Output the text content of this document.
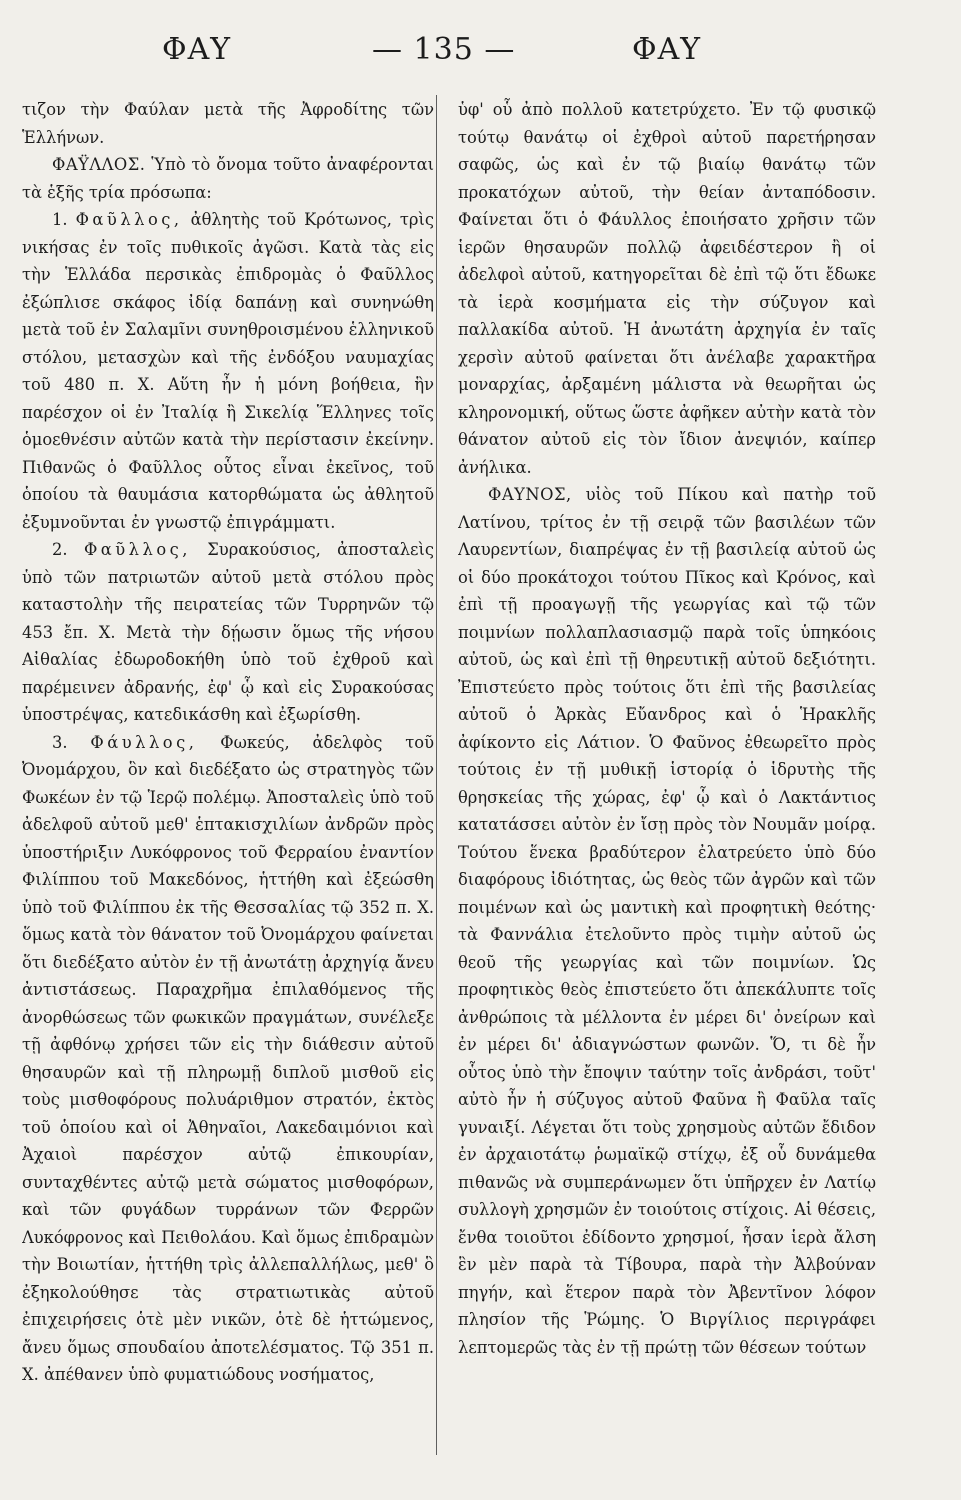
ΦΑΥ	— 135 —	ΦΑΥ

τιζον τὴν Φαύλαν μετὰ τῆς Ἀφροδίτης τῶν Ἑλλήνων.

ΦΑΫΛΛΟΣ. Ὑπὸ τὸ ὄνομα τοῦτο ἀναφέρονται τὰ ἑξῆς τρία πρόσωπα:

1. Φαῦλλος, ἀθλητὴς τοῦ Κρότωνος, τρὶς νικήσας ἐν τοῖς πυθικοῖς ἀγῶσι. Κατὰ τὰς εἰς τὴν Ἑλλάδα περσικὰς ἐπιδρομὰς ὁ Φαῦλλος ἐξώπλισε σκάφος ἰδίᾳ δαπάνῃ καὶ συνηνώθη μετὰ τοῦ ἐν Σαλαμῖνι συνηθροισμένου ἑλληνικοῦ στόλου, μετασχὼν καὶ τῆς ἐνδόξου ναυμαχίας τοῦ 480 π. Χ. Αὕτη ἦν ἡ μόνη βοήθεια, ἣν παρέσχον οἱ ἐν Ἰταλίᾳ ἢ Σικελίᾳ Ἕλληνες τοῖς ὁμοεθνέσιν αὐτῶν κατὰ τὴν περίστασιν ἐκείνην. Πιθανῶς ὁ Φαῦλλος οὗτος εἶναι ἐκεῖνος, τοῦ ὁποίου τὰ θαυμάσια κατορθώματα ὡς ἀθλητοῦ ἐξυμνοῦνται ἐν γνωστῷ ἐπιγράμματι.

2. Φαῦλλος, Συρακούσιος, ἀποσταλεὶς ὑπὸ τῶν πατριωτῶν αὐτοῦ μετὰ στόλου πρὸς καταστολὴν τῆς πειρατείας τῶν Τυρρηνῶν τῷ 453 ἔπ. Χ. Μετὰ τὴν δῄωσιν ὅμως τῆς νήσου Αἰθαλίας ἐδωροδοκήθη ὑπὸ τοῦ ἐχθροῦ καὶ παρέμεινεν ἀδρανής, ἐφ' ᾧ καὶ εἰς Συρακούσας ὑποστρέψας, κατεδικάσθη καὶ ἐξωρίσθη.

3. Φάυλλος, Φωκεύς, ἀδελφὸς τοῦ Ὀνομάρχου, ὃν καὶ διεδέξατο ὡς στρατηγὸς τῶν Φωκέων ἐν τῷ Ἱερῷ πολέμῳ. Ἀποσταλεὶς ὑπὸ τοῦ ἀδελφοῦ αὐτοῦ μεθ' ἑπτακισχιλίων ἀνδρῶν πρὸς ὑποστήριξιν Λυκόφρονος τοῦ Φερραίου ἐναντίον Φιλίππου τοῦ Μακεδόνος, ἡττήθη καὶ ἐξεώσθη ὑπὸ τοῦ Φιλίππου ἐκ τῆς Θεσσαλίας τῷ 352 π. Χ. ὅμως κατὰ τὸν θάνατον τοῦ Ὀνομάρχου φαίνεται ὅτι διεδέξατο αὐτὸν ἐν τῇ ἀνωτάτῃ ἀρχηγίᾳ ἄνευ ἀντιστάσεως. Παραχρῆμα ἐπιλαθόμενος τῆς ἀνορθώσεως τῶν φωκικῶν πραγμάτων, συνέλεξε τῇ ἀφθόνῳ χρήσει τῶν εἰς τὴν διάθεσιν αὐτοῦ θησαυρῶν καὶ τῇ πληρωμῇ διπλοῦ μισθοῦ εἰς τοὺς μισθοφόρους πολυάριθμον στρατόν, ἐκτὸς τοῦ ὁποίου καὶ οἱ Ἀθηναῖοι, Λακεδαιμόνιοι καὶ Ἀχαιοὶ παρέσχον αὐτῷ ἐπικουρίαν, συνταχθέντες αὐτῷ μετὰ σώματος μισθοφόρων, καὶ τῶν φυγάδων τυρράνων τῶν Φερρῶν Λυκόφρονος καὶ Πειθολάου. Καὶ ὅμως ἐπιδραμὼν τὴν Βοιωτίαν, ἡττήθη τρὶς ἀλλεπαλλήλως, μεθ' ὃ ἐξηκολούθησε τὰς στρατιωτικὰς αὐτοῦ ἐπιχειρήσεις ὁτὲ μὲν νικῶν, ὁτὲ δὲ ἡττώμενος, ἄνευ ὅμως σπουδαίου ἀποτελέσματος. Τῷ 351 π. Χ. ἀπέθανεν ὑπὸ φυματιώδους νοσήματος,

ὑφ' οὗ ἀπὸ πολλοῦ κατετρύχετο. Ἐν τῷ φυσικῷ τούτῳ θανάτῳ οἱ ἐχθροὶ αὐτοῦ παρετήρησαν σαφῶς, ὡς καὶ ἐν τῷ βιαίῳ θανάτῳ τῶν προκατόχων αὐτοῦ, τὴν θείαν ἀνταπόδοσιν. Φαίνεται ὅτι ὁ Φάυλλος ἐποιήσατο χρῆσιν τῶν ἱερῶν θησαυρῶν πολλῷ ἀφειδέστερον ἢ οἱ ἀδελφοὶ αὐτοῦ, κατηγορεῖται δὲ ἐπὶ τῷ ὅτι ἔδωκε τὰ ἱερὰ κοσμήματα εἰς τὴν σύζυγον καὶ παλλακίδα αὐτοῦ. Ἡ ἀνωτάτη ἀρχηγία ἐν ταῖς χερσὶν αὐτοῦ φαίνεται ὅτι ἀνέλαβε χαρακτῆρα μοναρχίας, ἀρξαμένη μάλιστα νὰ θεωρῆται ὡς κληρονομική, οὕτως ὥστε ἀφῆκεν αὐτὴν κατὰ τὸν θάνατον αὐτοῦ εἰς τὸν ἴδιον ἀνεψιόν, καίπερ ἀνήλικα.

ΦΑΥΝΟΣ, υἱὸς τοῦ Πίκου καὶ πατὴρ τοῦ Λατίνου, τρίτος ἐν τῇ σειρᾷ τῶν βασιλέων τῶν Λαυρεντίων, διαπρέψας ἐν τῇ βασιλείᾳ αὐτοῦ ὡς οἱ δύο προκάτοχοι τούτου Πῖκος καὶ Κρόνος, καὶ ἐπὶ τῇ προαγωγῇ τῆς γεωργίας καὶ τῷ τῶν ποιμνίων πολλαπλασιασμῷ παρὰ τοῖς ὑπηκόοις αὐτοῦ, ὡς καὶ ἐπὶ τῇ θηρευτικῇ αὐτοῦ δεξιότητι. Ἐπιστεύετο πρὸς τούτοις ὅτι ἐπὶ τῆς βασιλείας αὐτοῦ ὁ Ἀρκὰς Εὔανδρος καὶ ὁ Ἡρακλῆς ἀφίκοντο εἰς Λάτιον. Ὁ Φαῦνος ἐθεωρεῖτο πρὸς τούτοις ἐν τῇ μυθικῇ ἱστορίᾳ ὁ ἱδρυτὴς τῆς θρησκείας τῆς χώρας, ἐφ' ᾧ καὶ ὁ Λακτάντιος κατατάσσει αὐτὸν ἐν ἴσῃ πρὸς τὸν Νουμᾶν μοίρᾳ. Τούτου ἕνεκα βραδύτερον ἐλατρεύετο ὑπὸ δύο διαφόρους ἰδιότητας, ὡς θεὸς τῶν ἀγρῶν καὶ τῶν ποιμένων καὶ ὡς μαντικὴ καὶ προφητικὴ θεότης· τὰ Φαννάλια ἐτελοῦντο πρὸς τιμὴν αὐτοῦ ὡς θεοῦ τῆς γεωργίας καὶ τῶν ποιμνίων. Ὡς προφητικὸς θεὸς ἐπιστεύετο ὅτι ἀπεκάλυπτε τοῖς ἀνθρώποις τὰ μέλλοντα ἐν μέρει δι' ὀνείρων καὶ ἐν μέρει δι' ἀδιαγνώστων φωνῶν. Ὅ, τι δὲ ἦν οὗτος ὑπὸ τὴν ἔποψιν ταύτην τοῖς ἀνδράσι, τοῦτ' αὐτὸ ἦν ἡ σύζυγος αὐτοῦ Φαῦνα ἢ Φαῦλα ταῖς γυναιξί. Λέγεται ὅτι τοὺς χρησμοὺς αὐτῶν ἔδιδον ἐν ἀρχαιοτάτῳ ῥωμαϊκῷ στίχῳ, ἐξ οὗ δυνάμεθα πιθανῶς νὰ συμπεράνωμεν ὅτι ὑπῆρχεν ἐν Λατίῳ συλλογὴ χρησμῶν ἐν τοιούτοις στίχοις. Αἱ θέσεις, ἔνθα τοιοῦτοι ἐδίδοντο χρησμοί, ἦσαν ἱερὰ ἄλση ἓν μὲν παρὰ τὰ Τίβουρα, παρὰ τὴν Ἀλβούναν πηγήν, καὶ ἕτερον παρὰ τὸν Ἀβεντῖνον λόφον πλησίον τῆς Ῥώμης. Ὁ Βιργίλιος περιγράφει λεπτομερῶς τὰς ἐν τῇ πρώτῃ τῶν θέσεων τούτων
